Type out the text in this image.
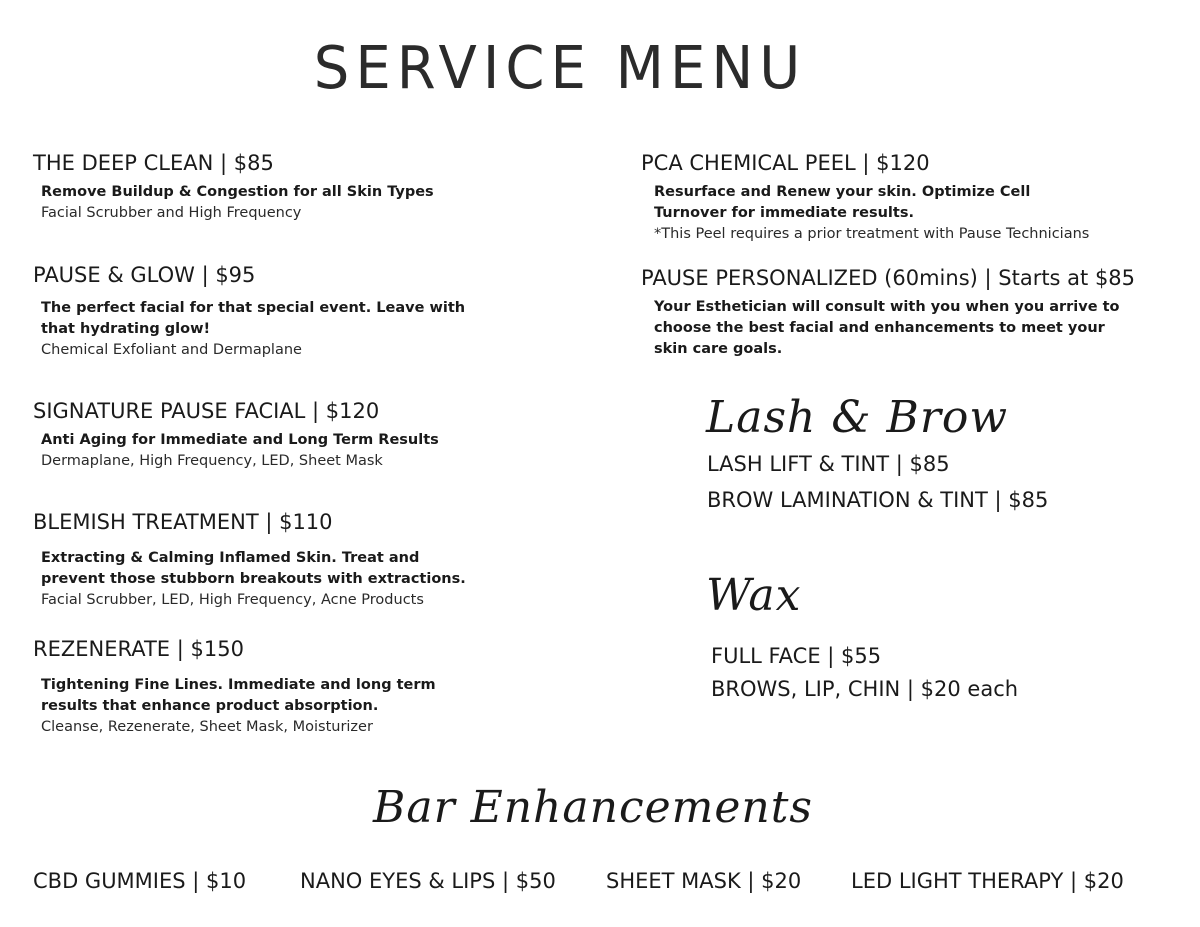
SERVICE MENU
THE DEEP CLEAN | $85
Remove Buildup & Congestion for all Skin Types
Facial Scrubber and High Frequency
PAUSE & GLOW | $95
The perfect facial for that special event. Leave with that hydrating glow!
Chemical Exfoliant and Dermaplane
SIGNATURE PAUSE FACIAL | $120
Anti Aging for Immediate and Long Term Results
Dermaplane, High Frequency, LED, Sheet Mask
BLEMISH TREATMENT | $110
Extracting & Calming Inflamed Skin. Treat and prevent those stubborn breakouts with extractions.
Facial Scrubber, LED, High Frequency, Acne Products
REZENERATE | $150
Tightening Fine Lines. Immediate and long term results that enhance product absorption.
Cleanse, Rezenerate, Sheet Mask, Moisturizer
PCA CHEMICAL PEEL | $120
Resurface and Renew your skin. Optimize Cell Turnover for immediate results.
*This Peel requires a prior treatment with Pause Technicians
PAUSE PERSONALIZED (60mins) | Starts at $85
Your Esthetician will consult with you when you arrive to choose the best facial and enhancements to meet your skin care goals.
Lash & Brow
LASH LIFT & TINT | $85
BROW LAMINATION & TINT | $85
Wax
FULL FACE | $55
BROWS, LIP, CHIN | $20 each
Bar Enhancements
CBD GUMMIES | $10	NANO EYES & LIPS | $50 SHEET MASK | $20 LED LIGHT THERAPY | $20
